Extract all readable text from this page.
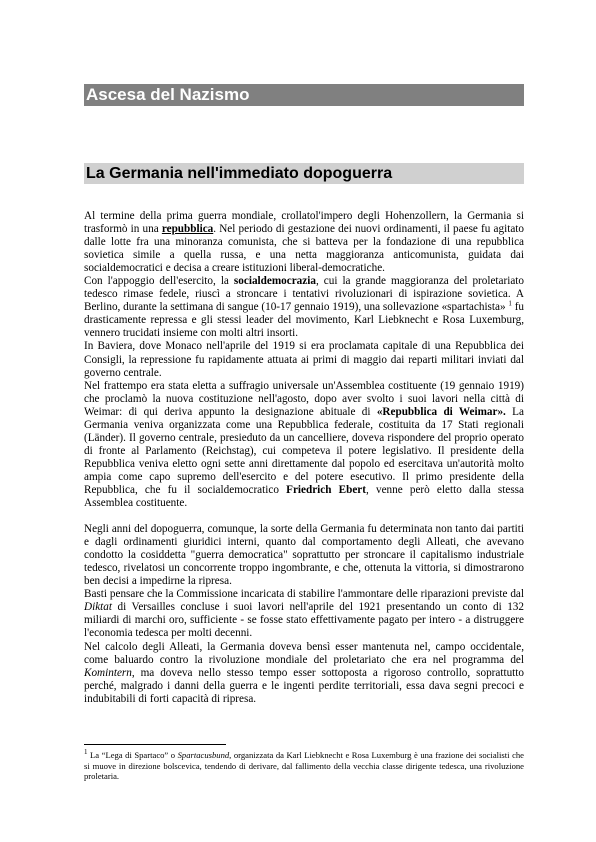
Ascesa del Nazismo
La Germania nell'immediato dopoguerra

Al termine della prima guerra mondiale, crollatol'impero degli Hohenzollern, la Germania si trasformò in una repubblica. Nel periodo di gestazione dei nuovi ordinamenti, il paese fu agitato dalle lotte fra una minoranza comunista, che si batteva per la fondazione di una repubblica sovietica simile a quella russa, e una netta maggioranza anticomunista, guidata dai socialdemocratici e decisa a creare istituzioni liberal-democratiche.

Con l'appoggio dell'esercito, la socialdemocrazia, cui la grande maggioranza del proletariato tedesco rimase fedele, riuscì a stroncare i tentativi rivoluzionari di ispirazione sovietica. A Berlino, durante la settimana di sangue (10-17 gennaio 1919), una sollevazione «spartachista» $^1$ fu drasticamente repressa e gli stessi leader del movimento, Karl Liebknecht e Rosa Luxemburg, vennero trucidati insieme con molti altri insorti.

In Baviera, dove Monaco nell'aprile del 1919 si era proclamata capitale di una Repubblica dei Consigli, la repressione fu rapidamente attuata ai primi di maggio dai reparti militari inviati dal governo centrale.

Nel frattempo era stata eletta a suffragio universale un'Assemblea costituente (19 gennaio 1919) che proclamò la nuova costituzione nell'agosto, dopo aver svolto i suoi lavori nella città di Weimar: di qui deriva appunto la designazione abituale di «Repubblica di Weimar». La Germania veniva organizzata come una Repubblica federale, costituita da 17 Stati regionali (Länder). Il governo centrale, presieduto da un cancelliere, doveva rispondere del proprio operato di fronte al Parlamento (Reichstag), cui competeva il potere legislativo. Il presidente della Repubblica veniva eletto ogni sette anni direttamente dal popolo ed esercitava un'autorità molto ampia come capo supremo dell'esercito e del potere esecutivo. Il primo presidente della Repubblica, che fu il socialdemocratico Friedrich Ebert, venne però eletto dalla stessa Assemblea costituente.

Negli anni del dopoguerra, comunque, la sorte della Germania fu determinata non tanto dai partiti e dagli ordinamenti giuridici interni, quanto dal comportamento degli Alleati, che avevano condotto la cosiddetta "guerra democratica" soprattutto per stroncare il capitalismo industriale tedesco, rivelatosi un concorrente troppo ingombrante, e che, ottenuta la vittoria, si dimostrarono ben decisi a impedirne la ripresa.

Basti pensare che la Commissione incaricata di stabilire l'ammontare delle riparazioni previste dal Diktat di Versailles concluse i suoi lavori nell'aprile del 1921 presentando un conto di 132 miliardi di marchi oro, sufficiente - se fosse stato effettivamente pagato per intero - a distruggere l'economia tedesca per molti decenni.

Nel calcolo degli Alleati, la Germania doveva bensì esser mantenuta nel, campo occidentale, come baluardo contro la rivoluzione mondiale del proletariato che era nel programma del Komintern, ma doveva nello stesso tempo esser sottoposta a rigoroso controllo, soprattutto perché, malgrado i danni della guerra e le ingenti perdite territoriali, essa dava segni precoci e indubitabili di forti capacità di ripresa.

$^1$ La “Lega di Spartaco” o Spartacusbund, organizzata da Karl Liebknecht e Rosa Luxemburg è una frazione dei socialisti che si muove in direzione bolscevica, tendendo di derivare, dal fallimento della vecchia classe dirigente tedesca, una rivoluzione proletaria.
